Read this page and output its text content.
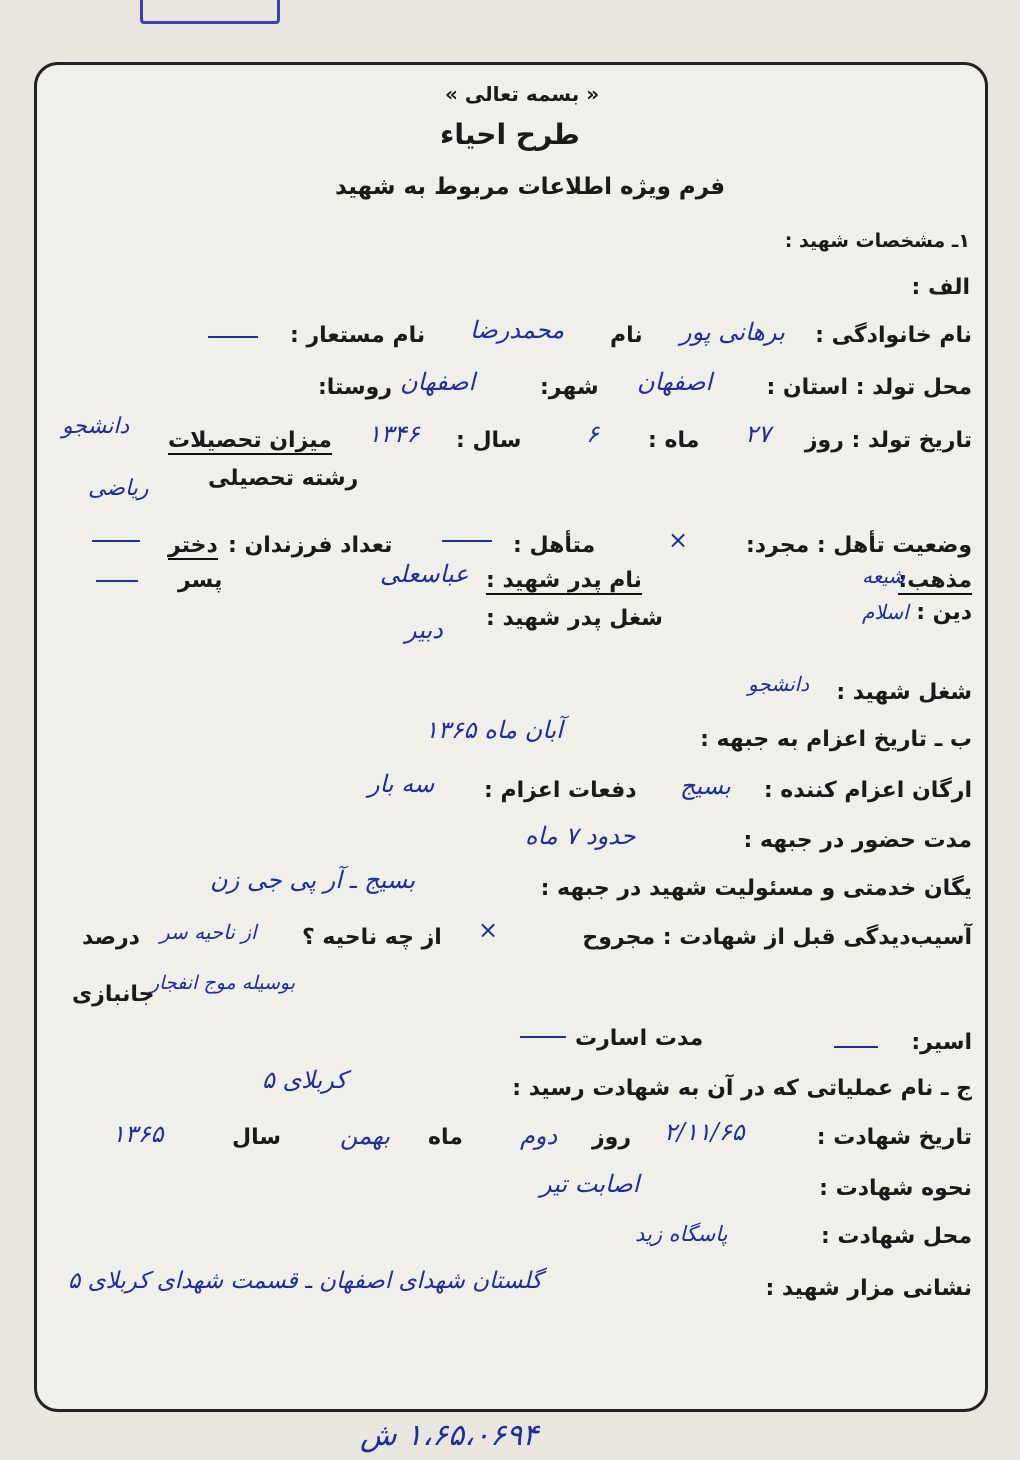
« بسمه تعالی »
طرح احیاء
فرم ویژه اطلاعات مربوط به شهید
۱ـ مشخصات شهید :
الف :
نام خانوادگی :
برهانی پور
نام
محمدرضا
نام مستعار :
محل تولد : استان :
اصفهان
شهر:
اصفهان
روستا:
تاریخ تولد : روز
۲۷
ماه :
۶
سال :
۱۳۴۶
میزان تحصیلات
دانشجو
رشته تحصیلی
ریاضی
وضعیت تأهل : مجرد:
×
متأهل :
تعداد فرزندان :
دختر
پسر	مذهب:
شیعه
دین :
اسلام
نام پدر شهید :
عباسعلی
شغل پدر شهید :
دبیر
شغل شهید :
دانشجو
ب ـ تاریخ اعزام به جبهه :
آبان ماه ۱۳۶۵
ارگان اعزام کننده :
بسیج
دفعات اعزام :
سه بار
مدت حضور در جبهه :
حدود ۷ ماه
یگان خدمتی و مسئولیت شهید در جبهه :
بسیج ـ آر پی جی زن
آسیب‌دیدگی قبل از شهادت : مجروح
×
از چه ناحیه ؟
از ناحیه سر
درصد
بوسیله موج انفجار
جانبازی
اسیر:
مدت اسارت
ج ـ نام عملیاتی که در آن به شهادت رسید :
کربلای ۵
تاریخ شهادت :
۲/۱۱/۶۵
روز
دوم
ماه
بهمن
سال
۱۳۶۵
نحوه شهادت :
اصابت تیر
محل شهادت :
پاسگاه زید
نشانی مزار شهید :
گلستان شهدای اصفهان ـ قسمت شهدای کربلای ۵
۱،۶۵،۰۶۹۴ ش
